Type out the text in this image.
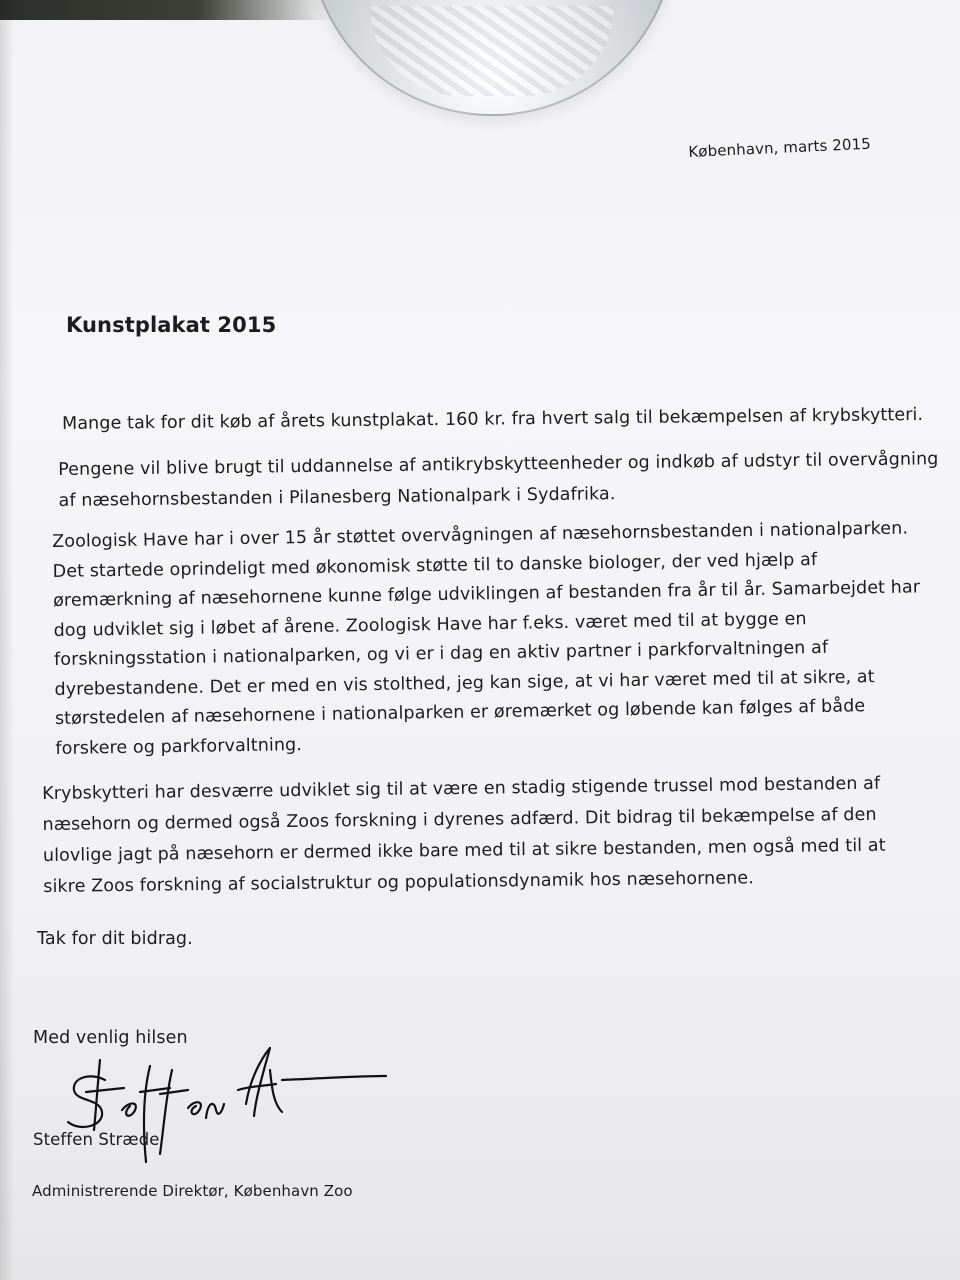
København, marts 2015
Kunstplakat 2015
Mange tak for dit køb af årets kunstplakat. 160 kr. fra hvert salg til bekæmpelsen af krybskytteri.
Pengene vil blive brugt til uddannelse af antikrybskytteenheder og indkøb af udstyr til overvågning
af næsehornsbestanden i Pilanesberg Nationalpark i Sydafrika.
Zoologisk Have har i over 15 år støttet overvågningen af næsehornsbestanden i nationalparken.
Det startede oprindeligt med økonomisk støtte til to danske biologer, der ved hjælp af
øremærkning af næsehornene kunne følge udviklingen af bestanden fra år til år. Samarbejdet har
dog udviklet sig i løbet af årene. Zoologisk Have har f.eks. været med til at bygge en
forskningsstation i nationalparken, og vi er i dag en aktiv partner i parkforvaltningen af
dyrebestandene. Det er med en vis stolthed, jeg kan sige, at vi har været med til at sikre, at
størstedelen af næsehornene i nationalparken er øremærket og løbende kan følges af både
forskere og parkforvaltning.
Krybskytteri har desværre udviklet sig til at være en stadig stigende trussel mod bestanden af
næsehorn og dermed også Zoos forskning i dyrenes adfærd. Dit bidrag til bekæmpelse af den
ulovlige jagt på næsehorn er dermed ikke bare med til at sikre bestanden, men også med til at
sikre Zoos forskning af socialstruktur og populationsdynamik hos næsehornene.
Tak for dit bidrag.
Med venlig hilsen
Steffen Stræde
Administrerende Direktør, København Zoo
